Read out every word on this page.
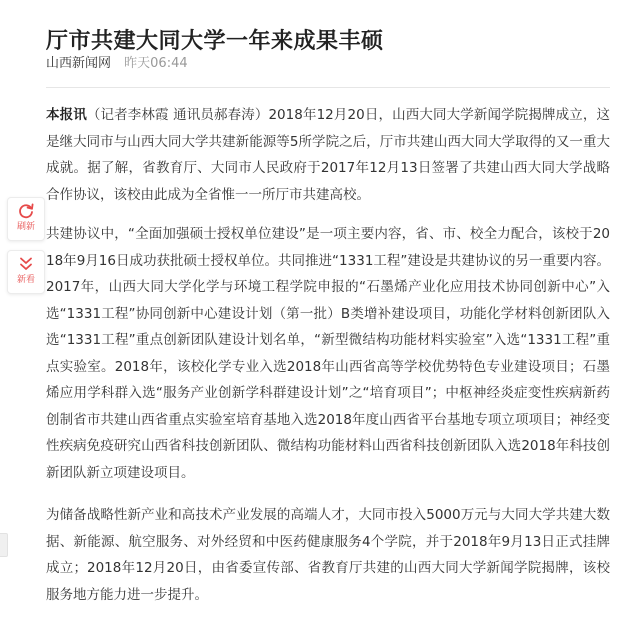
厅市共建大同大学一年来成果丰硕
山西新闻网 昨天06:44

本报讯（记者李林霞 通讯员郝春涛）2018年12月20日，山西大同大学新闻学院揭牌成立，这是继大同市与山西大同大学共建新能源等5所学院之后，厅市共建山西大同大学取得的又一重大成就。据了解，省教育厅、大同市人民政府于2017年12月13日签署了共建山西大同大学战略合作协议，该校由此成为全省惟一一所厅市共建高校。

共建协议中，“全面加强硕士授权单位建设”是一项主要内容，省、市、校全力配合，该校于2018年9月16日成功获批硕士授权单位。共同推进“1331工程”建设是共建协议的另一重要内容。2017年，山西大同大学化学与环境工程学院申报的“石墨烯产业化应用技术协同创新中心”入选“1331工程”协同创新中心建设计划（第一批）B类增补建设项目，功能化学材料创新团队入选“1331工程”重点创新团队建设计划名单，“新型微结构功能材料实验室”入选“1331工程”重点实验室。2018年，该校化学专业入选2018年山西省高等学校优势特色专业建设项目；石墨烯应用学科群入选“服务产业创新学科群建设计划”之“培育项目”；中枢神经炎症变性疾病新药创制省市共建山西省重点实验室培育基地入选2018年度山西省平台基地专项立项项目；神经变性疾病免疫研究山西省科技创新团队、微结构功能材料山西省科技创新团队入选2018年科技创新团队新立项建设项目。

为储备战略性新产业和高技术产业发展的高端人才，大同市投入5000万元与大同大学共建大数据、新能源、航空服务、对外经贸和中医药健康服务4个学院，并于2018年9月13日正式挂牌成立；2018年12月20日，由省委宣传部、省教育厅共建的山西大同大学新闻学院揭牌，该校服务地方能力进一步提升。

刷新
新看
